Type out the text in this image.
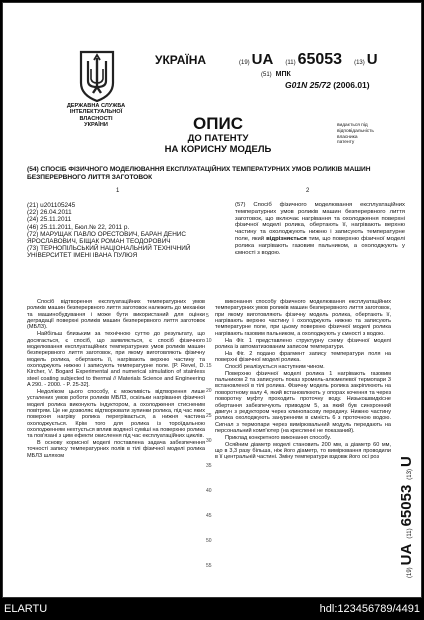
ДЕРЖАВНА СЛУЖБА
ІНТЕЛЕКТУАЛЬНОЇ
ВЛАСНОСТІ
УКРАЇНИ
УКРАЇНА	(19) UA (11) 65053 (13) U
(51) МПК
G01N 25/72 (2006.01)
ОПИС
ДО ПАТЕНТУ
НА КОРИСНУ МОДЕЛЬ
видається під
відповідальність
власника
патенту
(54) СПОСІБ ФІЗИЧНОГО МОДЕЛЮВАННЯ ЕКСПЛУАТАЦІЙНИХ ТЕМПЕРАТУРНИХ УМОВ РОЛИКІВ МАШИН БЕЗПЕРЕРВНОГО ЛИТТЯ ЗАГОТОВОК
1	2
(21) u201105245
(22) 26.04.2011
(24) 25.11.2011
(46) 25.11.2011, Бюл.№ 22, 2011 р.
(72) МАРУЩАК ПАВЛО ОРЕСТОВИЧ, БАРАН ДЕНИС ЯРОСЛАВОВИЧ, БІЩАК РОМАН ТЕОДОРОВИЧ
(73) ТЕРНОПІЛЬСЬКИЙ НАЦІОНАЛЬНИЙ ТЕХНІЧНИЙ УНІВЕРСИТЕТ ІМЕНІ ІВАНА ПУЛЮЯ
(57) Спосіб фізичного моделювання експлуатаційних температурних умов роликів машин безперервного лиття заготовок, що включає нагрівання та охолодження поверхні фізичної моделі ролика, обертають її, нагрівають верхню частину та охолоджують нижню і записують температурне поле, який відрізняється тим, що поверхню фізичної моделі ролика нагрівають газовим пальником, а охолоджують у ємності з водою.

Спосіб відтворення експлуатаційних температурних умов роликів машин безперервного лиття заготовок належить до механіки та машинобудування і може бути використаний для оцінки деградації поверхні роликів машин безперервного лиття заготовок (МБЛЗ).

Найбільш близьким за технічною суттю до результату, що досягається, є спосіб, що заявляється, є спосіб фізичного моделювання експлуатаційних температурних умов роликів машин безперервного лиття заготовок, при якому виготовляють фізичну модель ролика, обертають її, нагрівають верхню частину та охолоджують нижню і записують температурне поле. [P. Revel, D. Kircher, V. Bogard Experimental and numerical simulation of stainless steel coating subjected to thermal // Materials Science and Engineering A 290. - 2000. - P. 25-32].

Недоліком цього способу, є можливість відтворення лише усталених умов роботи роликів МБЛЗ, оскільки нагрівання фізичної моделі ролика виконують індуктором, а охолодження стисненим повітрям. Це не дозволяє відтворювати зупинки ролика, під час яких поверхня нагріву ролика перегрівається, а нижня частина охолоджується. Крім того для ролика із тороїдальною охолодженням нехтується вплив водяної суміші на поверхню ролика та пов'язані з цим ефекти окислення під час експлуатаційних циклів.

В основу корисної моделі поставлена задача забезпечення точності запису температурних полів в тілі фізичної моделі ролика МБЛЗ шляхом

виконання способу фізичного моделювання експлуатаційних температурних умов роликів машин безперервного лиття заготовок, при якому виготовляють фізичну модель ролика, обертають її, нагрівають верхню частину і охолоджують нижню та записують температурне поле, при цьому поверхню фізичної моделі ролика нагрівають газовим пальником, а охолоджують у ємності з водою.

На Фіг. 1 представлено структурну схему фізичної моделі ролика із автоматизованим записом температури.

На Фіг. 2 подано фрагмент запису температури поля на поверхні фізичної моделі ролика.

Спосіб реалізується наступним чином.

Поверхню фізичної моделі ролика 1 нагрівають газовим пальником 2 та записують показ хромель-алюмелевої термопари 3 встановленої в тілі ролика. Фізичну модель ролика закріплюють на поворотному валу 4, який встановлюють у опорах кочення та через поворотну муфту проходить проточну воду. Низькошвидкісне обертання забезпечують приводом 5, за який був синхронний двигун з редуктором через клинопасову передачу. Нижню частину ролика охолоджують зануренням в ємність 6 з проточною водою. Сигнал з термопари через вимірювальний модуль передають на персональний комп'ютер (на кресленні не показаний).

Приклад конкретного виконання способу.

Осяйним діаметр моделі становить 200 мм, а діаметр 60 мм, що в 3,3 разу більша, ніж його діаметр, то вимірювання проводили в її центральній частині. Зміну температури вздовж його осі роз

5
10
15
20
25
30
35
40
45
50
55
(19)
UA
(11)
65053
(13)
U
ELARTU	hdl:123456789/4491
